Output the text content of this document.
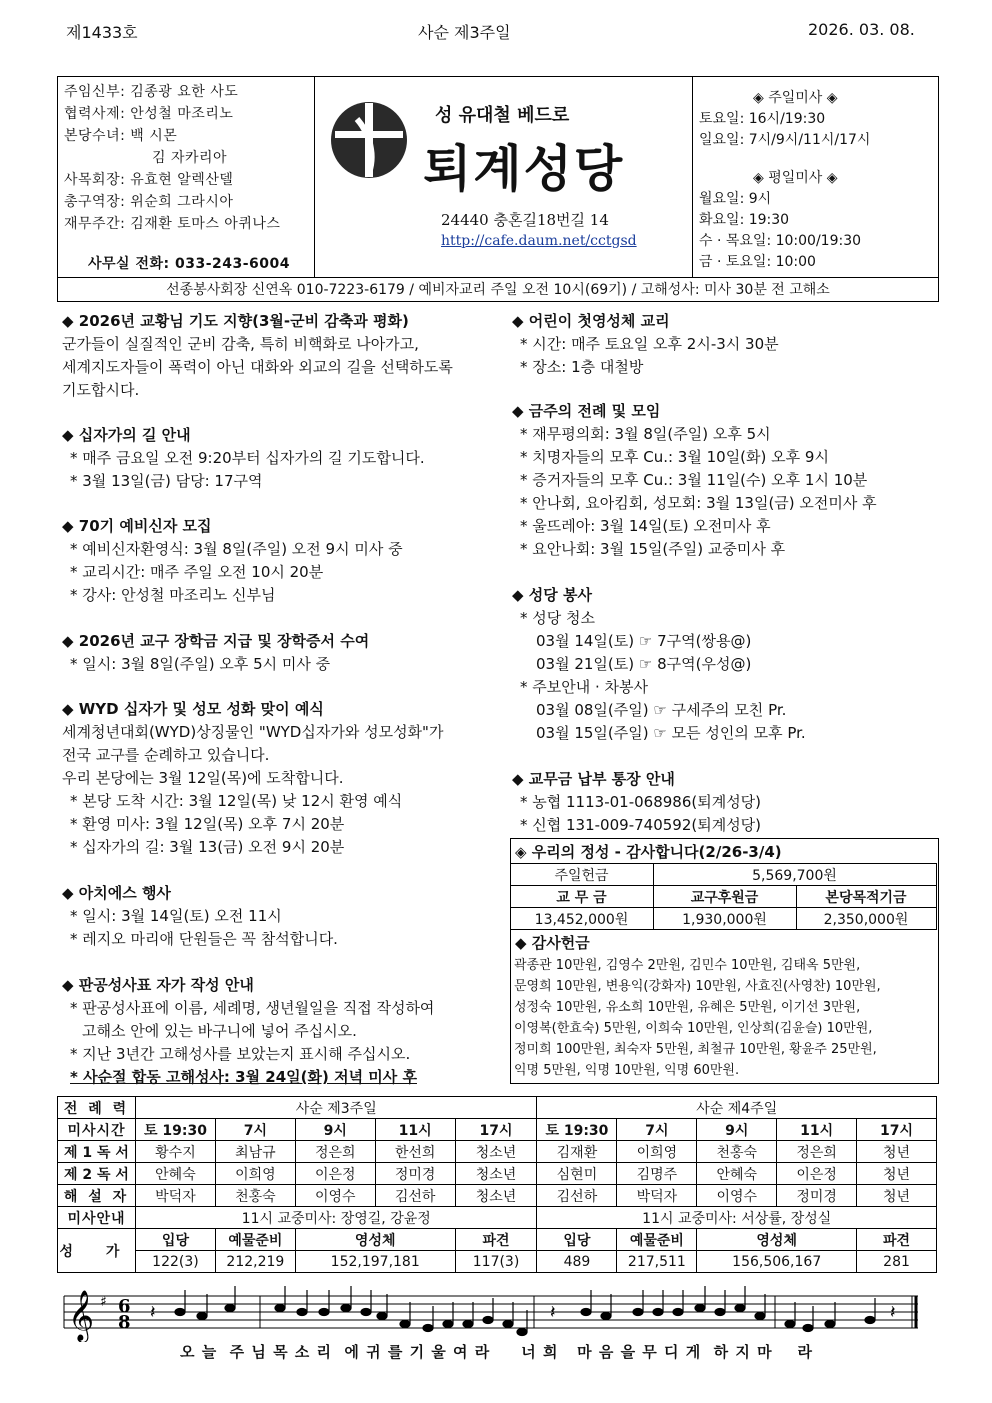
제1433호	사순 제3주일	2026. 03. 08.
주임신부: 김종광 요한 사도
협력사제: 안성철 마조리노
본당수녀: 백 시몬
김 자카리아
사목회장: 유효현 알렉산델
총구역장: 위순희 그라시아
재무주간: 김재환 토마스 아퀴나스
사무실 전화: 033-243-6004
성 유대철 베드로
퇴계성당
24440 충혼길18번길 14
http://cafe.daum.net/cctgsd
◈ 주일미사 ◈
토요일: 16시/19:30
일요일: 7시/9시/11시/17시
◈ 평일미사 ◈
월요일: 9시
화요일: 19:30
수 · 목요일: 10:00/19:30
금 · 토요일: 10:00
선종봉사회장 신연옥 010-7223-6179 / 예비자교리 주일 오전 10시(69기) / 고해성사: 미사 30분 전 고해소
◆ 2026년 교황님 기도 지향(3월-군비 감축과 평화)
군가들이 실질적인 군비 감축, 특히 비핵화로 나아가고,
세계지도자들이 폭력이 아닌 대화와 외교의 길을 선택하도록
기도합시다.
◆ 십자가의 길 안내
* 매주 금요일 오전 9:20부터 십자가의 길 기도합니다.
* 3월 13일(금) 담당: 17구역
◆ 70기 예비신자 모집
* 예비신자환영식: 3월 8일(주일) 오전 9시 미사 중
* 교리시간: 매주 주일 오전 10시 20분
* 강사: 안성철 마조리노 신부님
◆ 2026년 교구 장학금 지급 및 장학증서 수여
* 일시: 3월 8일(주일) 오후 5시 미사 중
◆ WYD 십자가 및 성모 성화 맞이 예식
세계청년대회(WYD)상징물인 "WYD십자가와 성모성화"가
전국 교구를 순례하고 있습니다.
우리 본당에는 3월 12일(목)에 도착합니다.
* 본당 도착 시간: 3월 12일(목) 낮 12시 환영 예식
* 환영 미사: 3월 12일(목) 오후 7시 20분
* 십자가의 길: 3월 13(금) 오전 9시 20분
◆ 아치에스 행사
* 일시: 3월 14일(토) 오전 11시
* 레지오 마리애 단원들은 꼭 참석합니다.
◆ 판공성사표 자가 작성 안내
* 판공성사표에 이름, 세례명, 생년월일을 직접 작성하여
고해소 안에 있는 바구니에 넣어 주십시오.
* 지난 3년간 고해성사를 보았는지 표시해 주십시오.
* 사순절 합동 고해성사: 3월 24일(화) 저녁 미사 후
◆ 어린이 첫영성체 교리
* 시간: 매주 토요일 오후 2시-3시 30분
* 장소: 1층 대철방
◆ 금주의 전례 및 모임
* 재무평의회: 3월 8일(주일) 오후 5시
* 치명자들의 모후 Cu.: 3월 10일(화) 오후 9시
* 증거자들의 모후 Cu.: 3월 11일(수) 오후 1시 10분
* 안나회, 요아킴회, 성모회: 3월 13일(금) 오전미사 후
* 울뜨레아: 3월 14일(토) 오전미사 후
* 요안나회: 3월 15일(주일) 교중미사 후
◆ 성당 봉사
* 성당 청소
03월 14일(토) ☞ 7구역(쌍용@)
03월 21일(토) ☞ 8구역(우성@)
* 주보안내 · 차봉사
03월 08일(주일) ☞ 구세주의 모친 Pr.
03월 15일(주일) ☞ 모든 성인의 모후 Pr.
◆ 교무금 납부 통장 안내
* 농협 1113-01-068986(퇴계성당)
* 신협 131-009-740592(퇴계성당)
◈ 우리의 정성 - 감사합니다(2/26-3/4)
주일헌금	5,569,700원	
교 무 금	교구후원금	본당목적기금
13,452,000원	1,930,000원	2,350,000원
◆ 감사헌금
곽종관 10만원, 김영수 2만원, 김민수 10만원, 김태옥 5만원,
문영희 10만원, 변용익(강화자) 10만원, 사효진(사영찬) 10만원,
성정숙 10만원, 유소희 10만원, 유혜은 5만원, 이기선 3만원,
이영복(한효숙) 5만원, 이희숙 10만원, 인상희(김윤슬) 10만원,
정미희 100만원, 최숙자 5만원, 최철규 10만원, 황윤주 25만원,
익명 5만원, 익명 10만원, 익명 60만원.
전 례 력	사순 제3주일					사순 제4주일				
미사시간	토 19:30	7시	9시	11시	17시	토 19:30	7시	9시	11시	17시
제 1 독 서	황수지	최남규	정은희	한선희	청소년	김재환	이희영	천홍숙	정은희	청년
제 2 독 서	안혜숙	이희영	이은정	정미경	청소년	심현미	김명주	안혜숙	이은정	청년
해 설 자	박덕자	천홍숙	이영수	김선하	청소년	김선하	박덕자	이영수	정미경	청년
미사안내	11시 교중미사: 장영길, 강윤정					11시 교중미사: 서상률, 장성실				
성 가	입당	예물준비	영성체		파견	입당	예물준비	영성체		파견
	122(3)	212,219	152,197,181		117(3)	489	217,511	156,506,167		281
𝄞 ♯ 6
8 𝄽	𝄽	𝄽
오 늘  주 님 목 소 리  에 귀 를 기 울 여 라     너 희   마 음 을 무 디 게  하 지 마    라
